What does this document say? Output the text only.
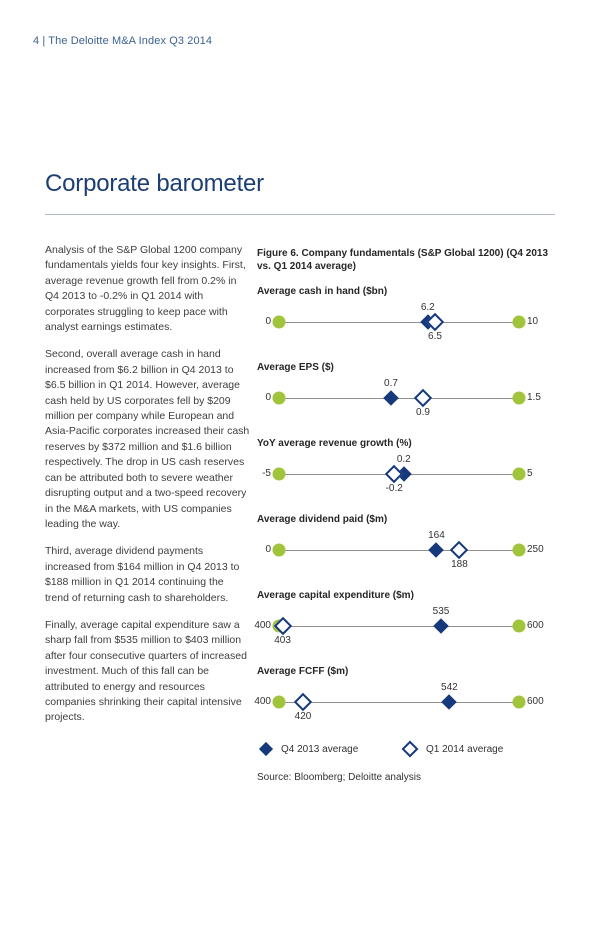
4 | The Deloitte M&A Index Q3 2014
Corporate barometer

Analysis of the S&P Global 1200 company fundamentals yields four key insights. First, average revenue growth fell from 0.2% in Q4 2013 to -0.2% in Q1 2014 with corporates struggling to keep pace with analyst earnings estimates.

Second, overall average cash in hand increased from $6.2 billion in Q4 2013 to $6.5 billion in Q1 2014. However, average cash held by US corporates fell by $209 million per company while European and Asia-Pacific corporates increased their cash reserves by $372 million and $1.6 billion respectively. The drop in US cash reserves can be attributed both to severe weather disrupting output and a two-speed recovery in the M&A markets, with US companies leading the way.

Third, average dividend payments increased from $164 million in Q4 2013 to $188 million in Q1 2014 continuing the trend of returning cash to shareholders.

Finally, average capital expenditure saw a sharp fall from $535 million to $403 million after four consecutive quarters of increased investment. Much of this fall can be attributed to energy and resources companies shrinking their capital intensive projects.

Figure 6. Company fundamentals (S&P Global 1200) (Q4 2013 vs. Q1 2014 average)
Average cash in hand ($bn)
0	10
6.2
6.5
Average EPS ($)
0	1.5
0.7
0.9
YoY average revenue growth (%)
-5	5
0.2
-0.2
Average dividend paid ($m)
0	250
164
188
Average capital expenditure ($m)
400	600
535
403
Average FCFF ($m)
400	600
542
420
Q4 2013 average	Q1 2014 average
Source: Bloomberg; Deloitte analysis
